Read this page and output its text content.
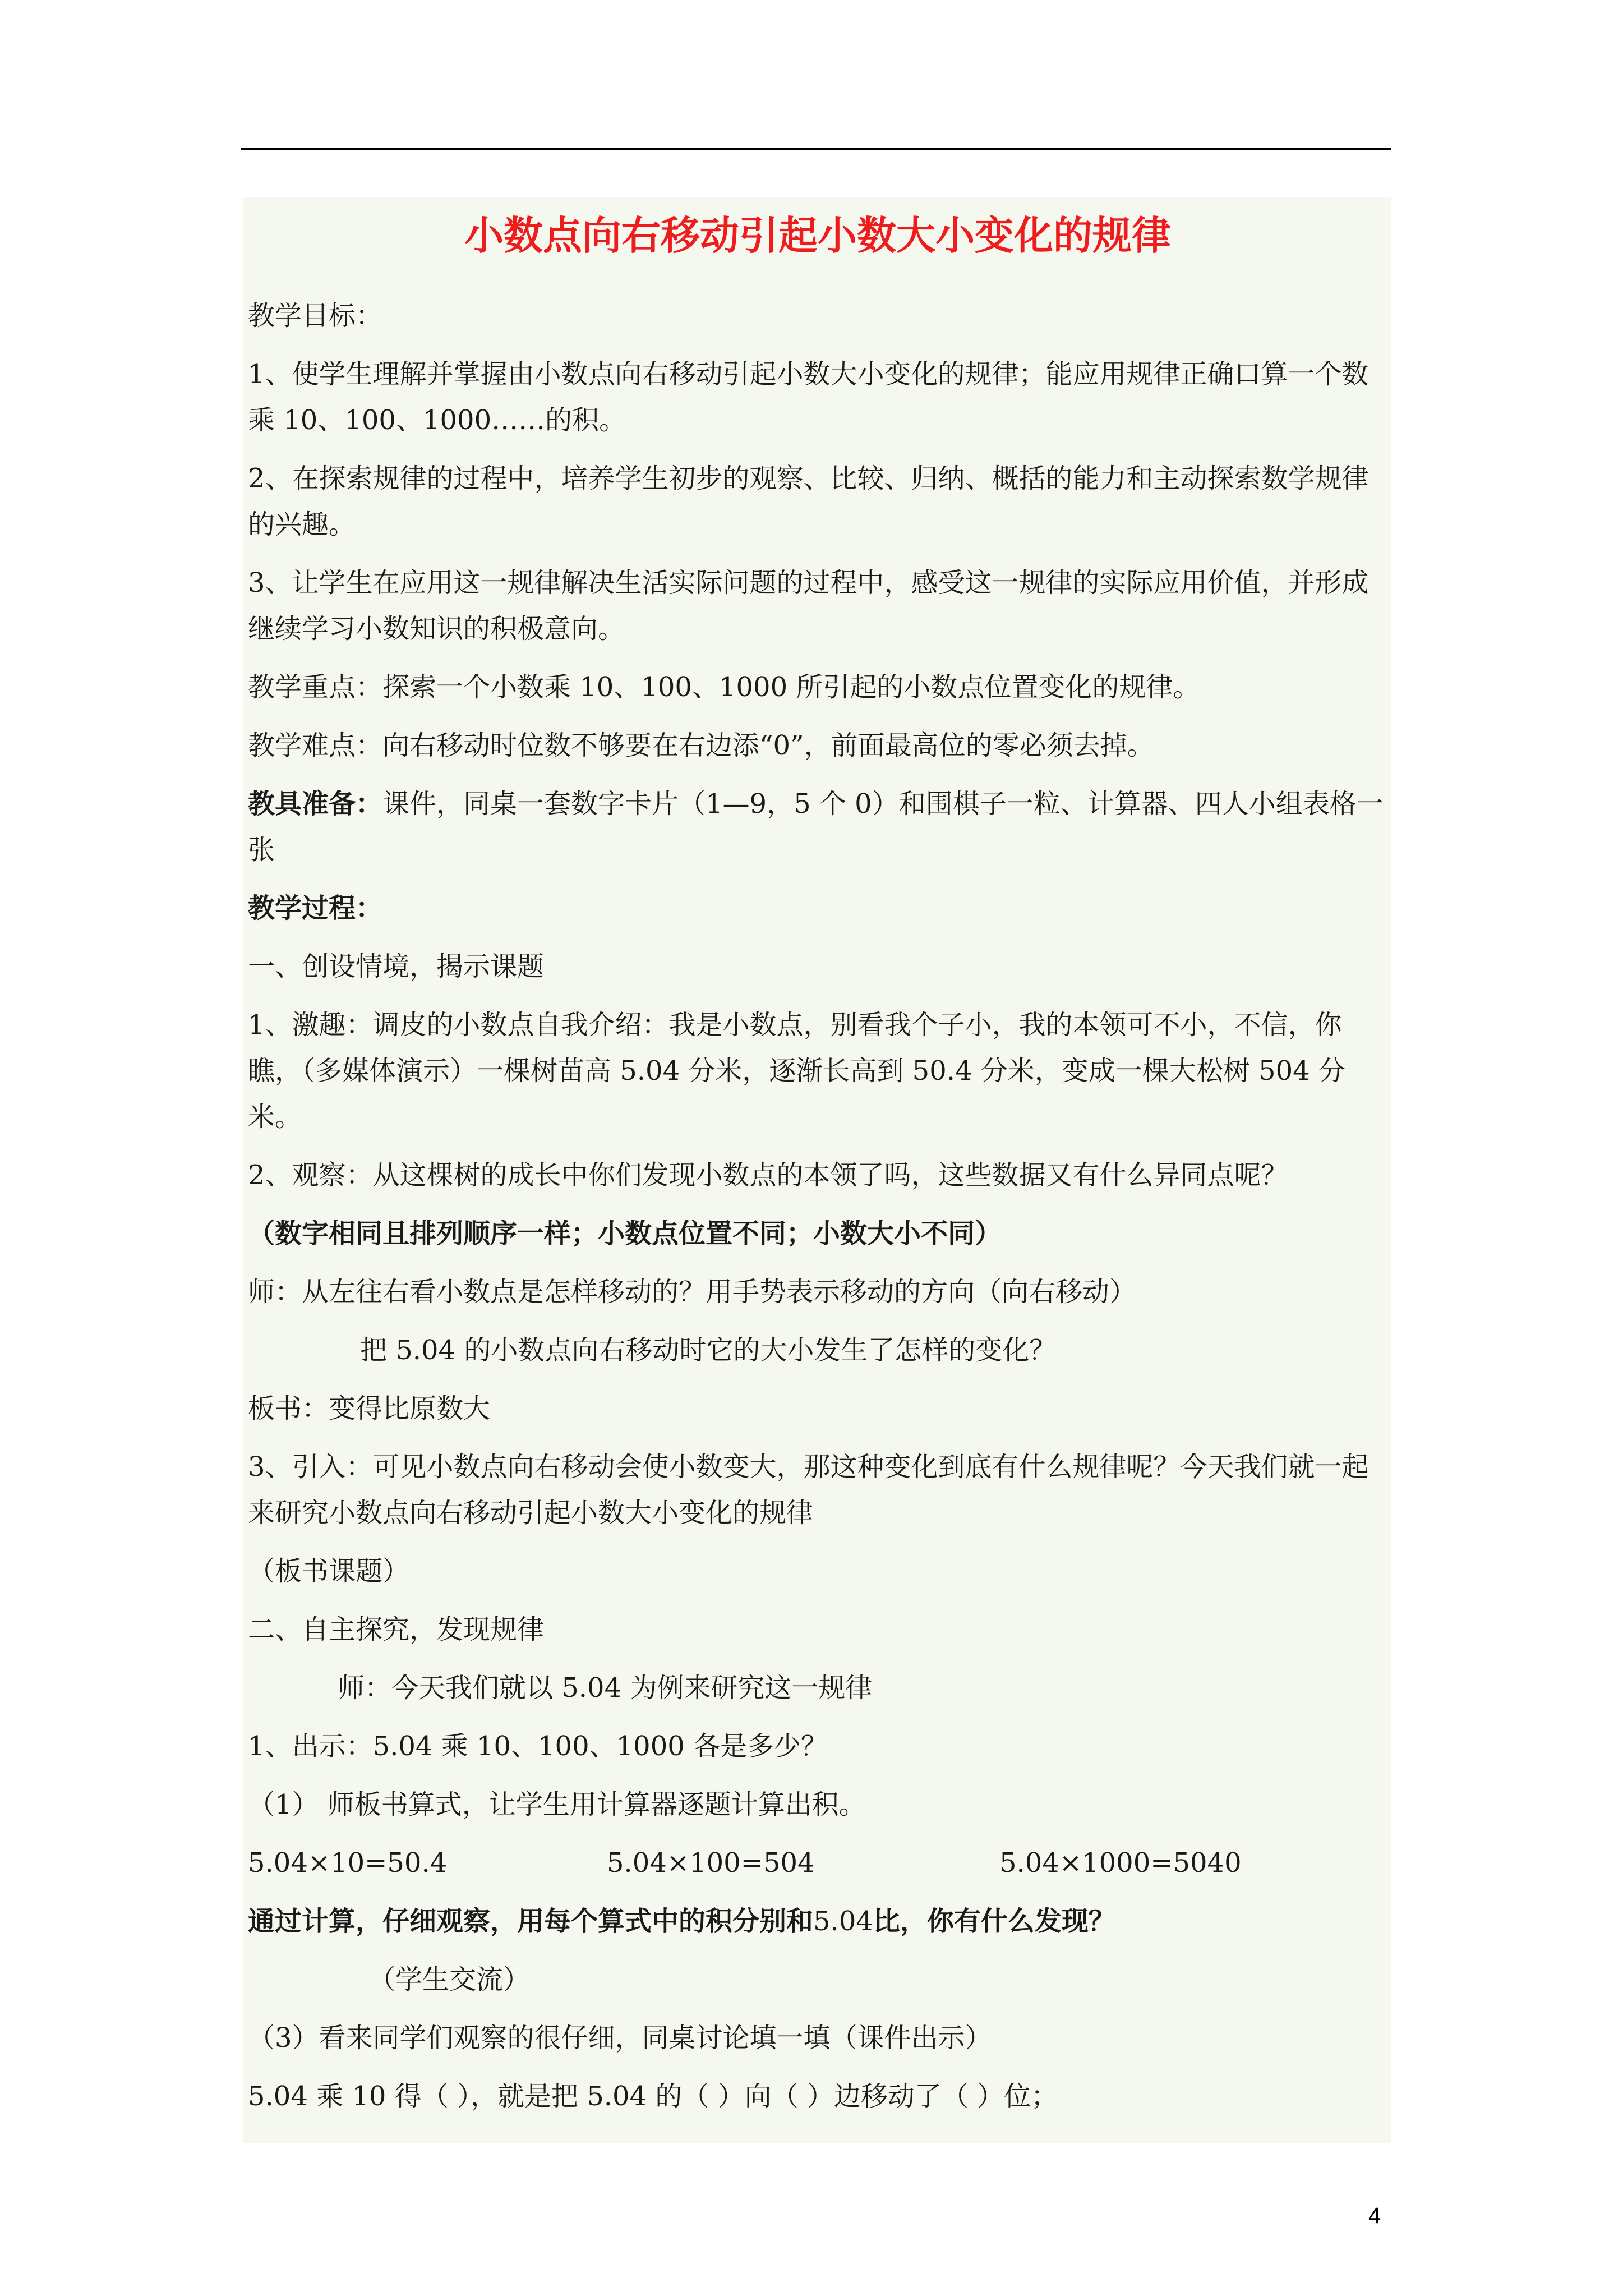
小数点向右移动引起小数大小变化的规律
教学目标：
1、使学生理解并掌握由小数点向右移动引起小数大小变化的规律；能应用规律正确口算一个数乘 10、100、1000……的积。
2、在探索规律的过程中，培养学生初步的观察、比较、归纳、概括的能力和主动探索数学规律的兴趣。
3、让学生在应用这一规律解决生活实际问题的过程中，感受这一规律的实际应用价值，并形成继续学习小数知识的积极意向。
教学重点：探索一个小数乘 10、100、1000 所引起的小数点位置变化的规律。
教学难点：向右移动时位数不够要在右边添“0”，前面最高位的零必须去掉。
教具准备：课件，同桌一套数字卡片（1—9，5 个 0）和围棋子一粒、计算器、四人小组表格一张
教学过程：
一、创设情境，揭示课题
1、激趣：调皮的小数点自我介绍：我是小数点，别看我个子小，我的本领可不小，不信，你瞧，（多媒体演示）一棵树苗高 5.04 分米，逐渐长高到 50.4 分米，变成一棵大松树 504 分米。
2、观察：从这棵树的成长中你们发现小数点的本领了吗，这些数据又有什么异同点呢？
（数字相同且排列顺序一样；小数点位置不同；小数大小不同）
师：从左往右看小数点是怎样移动的？用手势表示移动的方向（向右移动）
把 5.04 的小数点向右移动时它的大小发生了怎样的变化？
板书：变得比原数大
3、引入：可见小数点向右移动会使小数变大，那这种变化到底有什么规律呢？今天我们就一起来研究小数点向右移动引起小数大小变化的规律
（板书课题）
二、自主探究，发现规律
师：今天我们就以 5.04 为例来研究这一规律
1、出示：5.04 乘 10、100、1000 各是多少？
（1） 师板书算式，让学生用计算器逐题计算出积。
5.04×10=50.4	5.04×100=504	5.04×1000=5040
通过计算，仔细观察，用每个算式中的积分别和5.04比，你有什么发现？
（学生交流）
（3）看来同学们观察的很仔细，同桌讨论填一填（课件出示）
5.04 乘 10 得（ ），就是把 5.04 的（ ）向（ ）边移动了（ ）位；
4
